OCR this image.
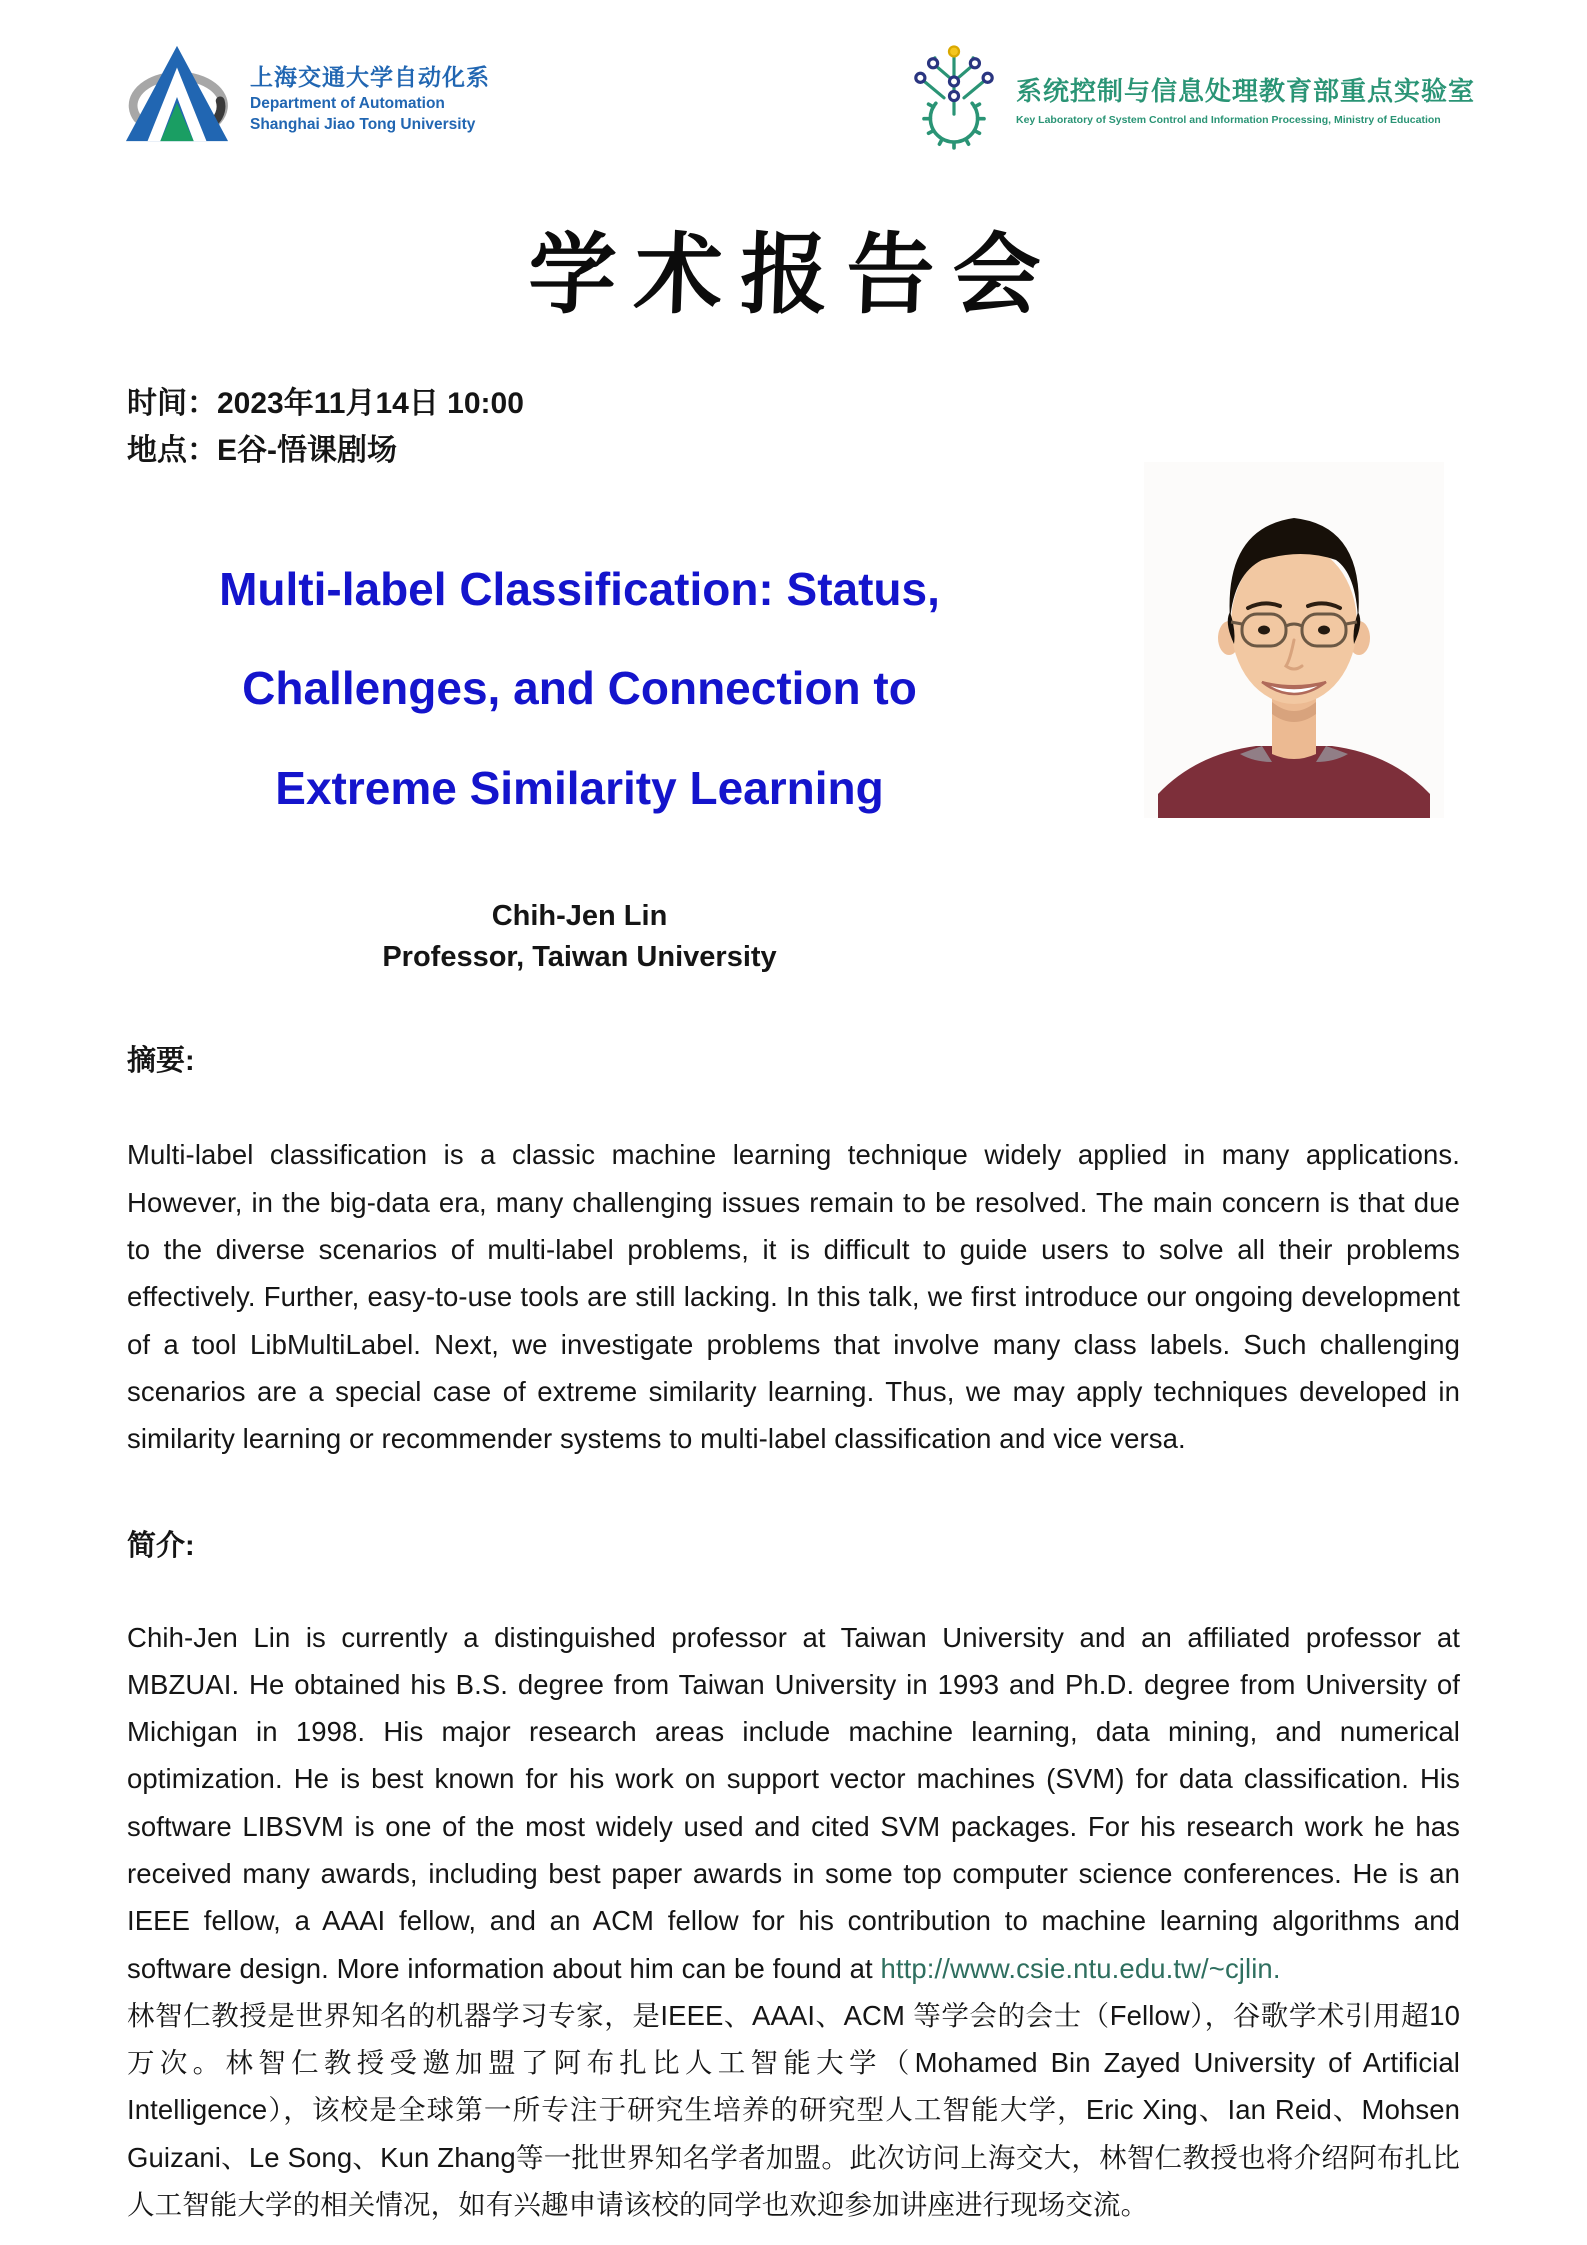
上海交通大学自动化系
Department of Automation
Shanghai Jiao Tong University
系统控制与信息处理教育部重点实验室
Key Laboratory of System Control and Information Processing, Ministry of Education
学术报告会
时间：2023年11月14日 10:00
地点：E谷-悟课剧场
Multi-label Classification: Status,
Challenges, and Connection to
Extreme Similarity Learning
Chih-Jen Lin
Professor, Taiwan University
摘要:

Multi-label classification is a classic machine learning technique widely applied in many applications. However, in the big-data era, many challenging issues remain to be resolved. The main concern is that due to the diverse scenarios of multi-label problems, it is difficult to guide users to solve all their problems effectively. Further, easy-to-use tools are still lacking. In this talk, we first introduce our ongoing development of a tool LibMultiLabel. Next, we investigate problems that involve many class labels. Such challenging scenarios are a special case of extreme similarity learning. Thus, we may apply techniques developed in similarity learning or recommender systems to multi-label classification and vice versa.

简介:

Chih-Jen Lin is currently a distinguished professor at Taiwan University and an affiliated professor at MBZUAI. He obtained his B.S. degree from Taiwan University in 1993 and Ph.D. degree from University of Michigan in 1998. His major research areas include machine learning, data mining, and numerical optimization. He is best known for his work on support vector machines (SVM) for data classification. His software LIBSVM is one of the most widely used and cited SVM packages. For his research work he has received many awards, including best paper awards in some top computer science conferences. He is an IEEE fellow, a AAAI fellow, and an ACM fellow for his contribution to machine learning algorithms and software design. More information about him can be found at http://www.csie.ntu.edu.tw/~cjlin.
林智仁教授是世界知名的机器学习专家，是IEEE、AAAI、ACM 等学会的会士（Fellow），谷歌学术引用超10万次。林智仁教授受邀加盟了阿布扎比人工智能大学（Mohamed Bin Zayed University of Artificial Intelligence），该校是全球第一所专注于研究生培养的研究型人工智能大学，Eric Xing、Ian Reid、Mohsen Guizani、Le Song、Kun Zhang等一批世界知名学者加盟。此次访问上海交大，林智仁教授也将介绍阿布扎比人工智能大学的相关情况，如有兴趣申请该校的同学也欢迎参加讲座进行现场交流。
